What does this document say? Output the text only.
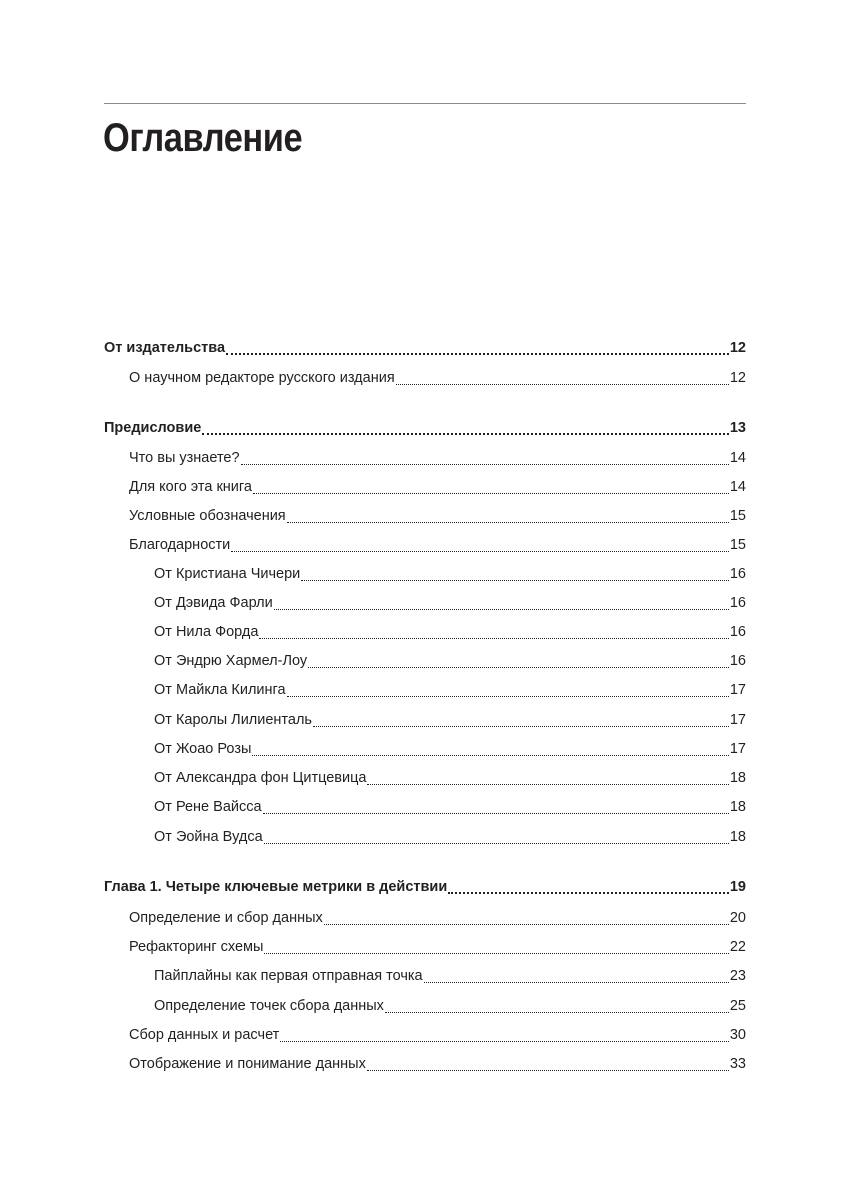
Оглавление
От издательства	12
О научном редакторе русского издания	12
Предисловие	13
Что вы узнаете?	14
Для кого эта книга	14
Условные обозначения	15
Благодарности	15
От Кристиана Чичери	16
От Дэвида Фарли	16
От Нила Форда	16
От Эндрю Хармел-Лоу	16
От Майкла Килинга	17
От Каролы Лилиенталь	17
От Жоао Розы	17
От Александра фон Цитцевица	18
От Рене Вайсса	18
От Эойна Вудса	18
Глава 1. Четыре ключевые метрики в действии	19
Определение и сбор данных	20
Рефакторинг схемы	22
Пайплайны как первая отправная точка	23
Определение точек сбора данных	25
Сбор данных и расчет	30
Отображение и понимание данных	33
